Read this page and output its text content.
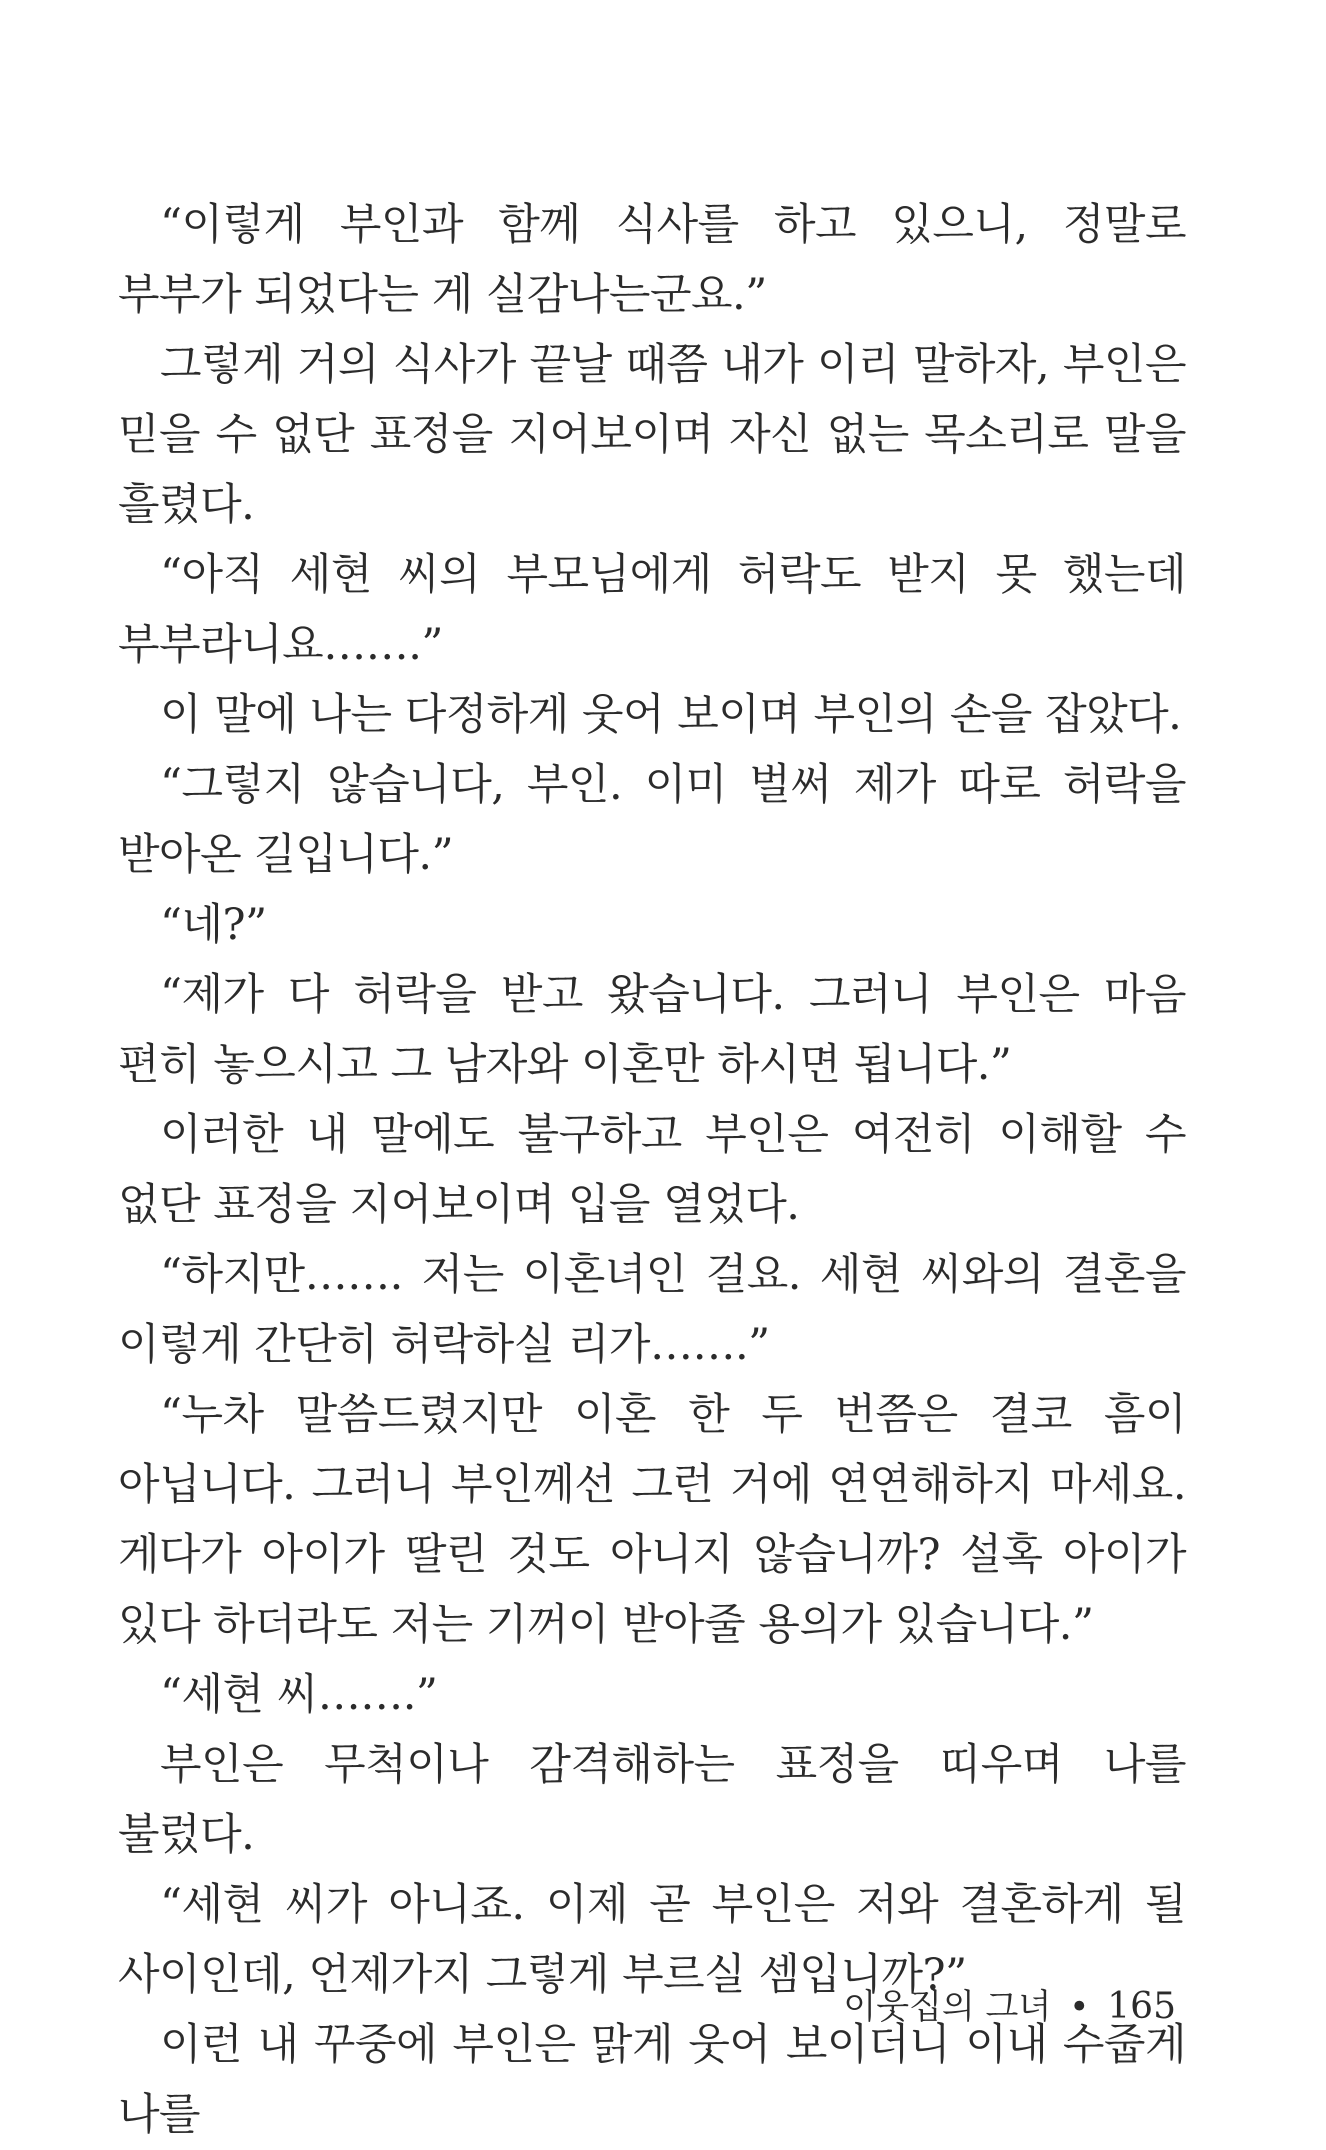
“이렇게 부인과 함께 식사를 하고 있으니, 정말로 부부가 되었다는 게 실감나는군요.”

그렇게 거의 식사가 끝날 때쯤 내가 이리 말하자, 부인은 믿을 수 없단 표정을 지어보이며 자신 없는 목소리로 말을 흘렸다.

“아직 세현 씨의 부모님에게 허락도 받지 못 했는데 부부라니요…….”

이 말에 나는 다정하게 웃어 보이며 부인의 손을 잡았다.

“그렇지 않습니다, 부인. 이미 벌써 제가 따로 허락을 받아온 길입니다.”

“네?”

“제가 다 허락을 받고 왔습니다. 그러니 부인은 마음 편히 놓으시고 그 남자와 이혼만 하시면 됩니다.”

이러한 내 말에도 불구하고 부인은 여전히 이해할 수 없단 표정을 지어보이며 입을 열었다.

“하지만……. 저는 이혼녀인 걸요. 세현 씨와의 결혼을 이렇게 간단히 허락하실 리가…….”

“누차 말씀드렸지만 이혼 한 두 번쯤은 결코 흠이 아닙니다. 그러니 부인께선 그런 거에 연연해하지 마세요. 게다가 아이가 딸린 것도 아니지 않습니까? 설혹 아이가 있다 하더라도 저는 기꺼이 받아줄 용의가 있습니다.”

“세현 씨…….”

부인은 무척이나 감격해하는 표정을 띠우며 나를 불렀다.

“세현 씨가 아니죠. 이제 곧 부인은 저와 결혼하게 될 사이인데, 언제가지 그렇게 부르실 셈입니까?”

이런 내 꾸중에 부인은 맑게 웃어 보이더니 이내 수줍게 나를

이웃집의 그녀 • 165
